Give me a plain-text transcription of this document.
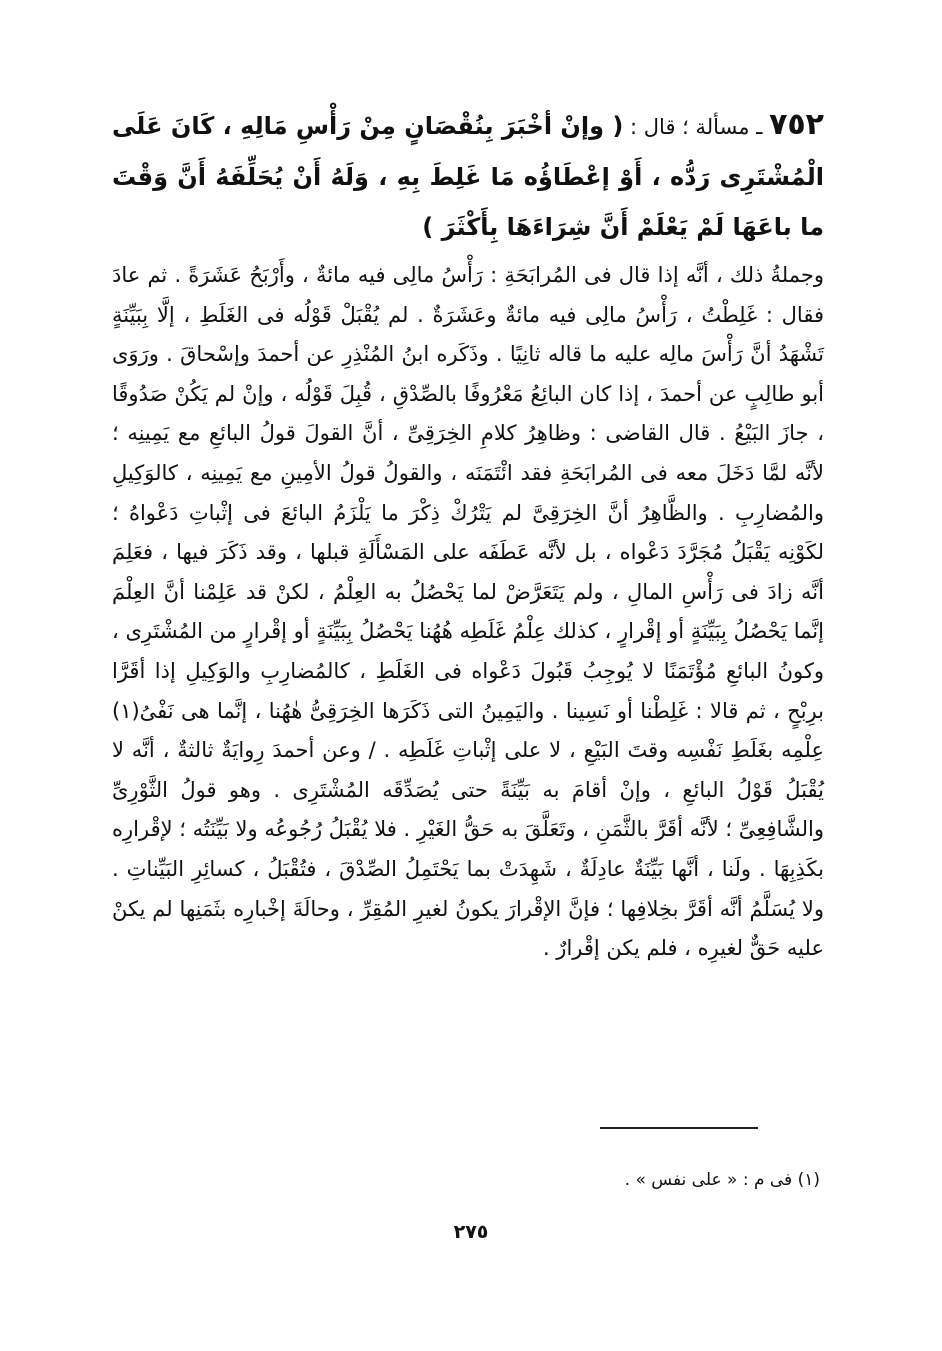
٧٥٢ ـ مسألة ؛ قال : ( وإنْ أخْبَرَ بِنُقْصَانٍ مِنْ رَأْسِ مَالِهِ ، كَانَ عَلَى الْمُشْتَرِى رَدُّه ، أَوْ إعْطَاؤُه مَا غَلِطَ بِهِ ، وَلَهُ أَنْ يُحَلِّفَهُ أَنَّ وَقْتَ ما باعَهَا لَمْ يَعْلَمْ أَنَّ شِرَاءَهَا بِأَكْثَرَ )
وجملةُ ذلك ، أنَّه إذا قال فى المُرابَحَةِ : رَأْسُ مالِى فيه مائةٌ ، وأَرْبَحُ عَشَرَةً . ثم عادَ فقال : غَلِطْتُ ، رَأْسُ مالِى فيه مائةٌ وعَشَرَةٌ . لم يُقْبَلْ قَوْلُه فى الغَلَطِ ، إلَّا بِبَيِّنَةٍ تَشْهَدُ أنَّ رَأْسَ مالِه عليه ما قاله ثانِيًا . وذَكَره ابنُ المُنْذِرِ عن أحمدَ وإسْحاقَ . ورَوَى أبو طالِبٍ عن أحمدَ ، إذا كان البائِعُ مَعْرُوفًا بالصِّدْقِ ، قُبِلَ قَوْلُه ، وإنْ لم يَكُنْ صَدُوقًا ، جازَ البَيْعُ . قال القاضى : وظاهِرُ كلامِ الخِرَقِىِّ ، أنَّ القولَ قولُ البائعِ مع يَمِينِه ؛ لأنَّه لمَّا دَخَلَ معه فى المُرابَحَةِ فقد ائْتَمَنَه ، والقولُ قولُ الأمِينِ مع يَمِينِه ، كالوَكِيلِ والمُضارِبِ . والظَّاهِرُ أنَّ الخِرَقِىَّ لم يَتْرُكْ ذِكْرَ ما يَلْزَمُ البائعَ فى إثْباتِ دَعْواهُ ؛ لكَوْنِه يَقْبَلُ مُجَرَّدَ دَعْواه ، بل لأنَّه عَطَفَه على المَسْأَلَةِ قبلها ، وقد ذَكَرَ فيها ، فعَلِمَ أنَّه زادَ فى رَأْسِ المالِ ، ولم يَتَعَرَّضْ لما يَحْصُلُ به العِلْمُ ، لكنْ قد عَلِمْنا أنَّ العِلْمَ إنَّما يَحْصُلُ بِبَيِّنَةٍ أو إقْرارٍ ، كذلك عِلْمُ غَلَطِه هُهُنا يَحْصُلُ بِبَيِّنَةٍ أو إقْرارٍ من المُشْتَرِى ، وكونُ البائعِ مُؤْتَمَنًا لا يُوجِبُ قَبُولَ دَعْواه فى الغَلَطِ ، كالمُضارِبِ والوَكِيلِ إذا أقَرَّا برِبْحٍ ، ثم قالا : غَلِطْنا أو نَسِينا . واليَمِينُ التى ذَكَرَها الخِرَقِىُّ هٰهُنا ، إنَّما هى نَفْىُ(١) عِلْمِه بغَلَطِ نَفْسِه وقتَ البَيْعِ ، لا على إثْباتِ غَلَطِه . / وعن أحمدَ رِوايَةٌ ثالثةٌ ، أنَّه لا يُقْبَلُ قَوْلُ البائعِ ، وإنْ أقامَ به بَيِّنَةً حتى يُصَدِّقَه المُشْتَرِى . وهو قولُ الثَّوْرِىِّ والشَّافِعِىِّ ؛ لأنَّه أقَرَّ بالثَّمَنِ ، وتَعَلَّقَ به حَقُّ الغَيْرِ . فلا يُقْبَلُ رُجُوعُه ولا بَيِّنَتُه ؛ لإقْرارِه بكَذِبِهَا . ولَنا ، أنَّها بَيِّنَةٌ عادِلَةٌ ، شَهِدَتْ بما يَحْتَمِلُ الصِّدْقَ ، فتُقْبَلُ ، كسائِرِ البَيِّناتِ . ولا يُسَلَّمُ أنَّه أقَرَّ بخِلافِها ؛ فإنَّ الإقْرارَ يكونُ لغيرِ المُقِرِّ ، وحالَةَ إخْبارِه بثَمَنِها لم يكنْ عليه حَقٌّ لغيرِه ، فلم يكن إقْرارٌ .
(١) فى م : « على نفس » .
٢٧٥
